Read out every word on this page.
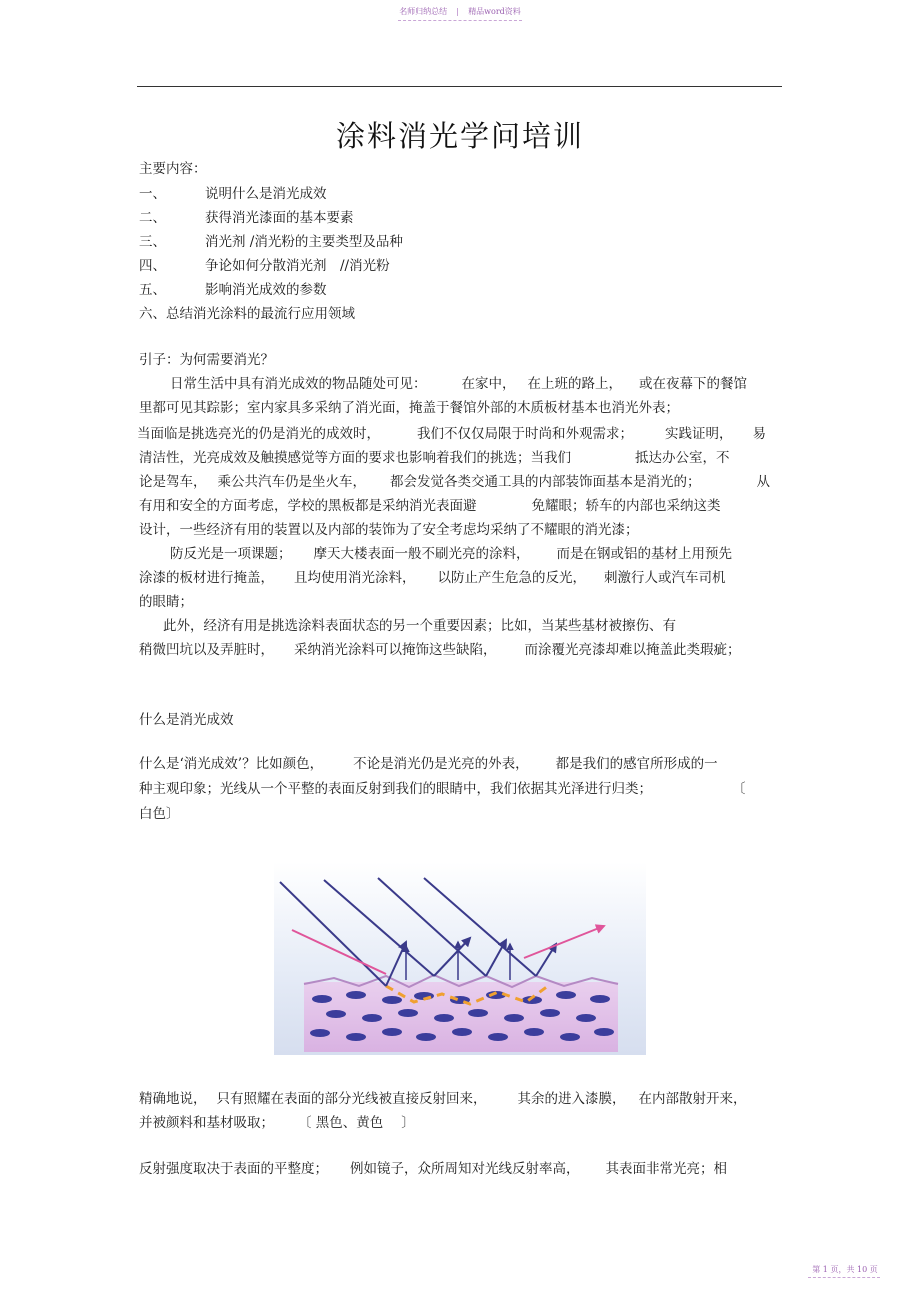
名师归纳总结	精品word资料
涂料消光学问培训
主要内容：
一、	说明什么是消光成效
二、	获得消光漆面的基本要素
三、	消光剂 /消光粉的主要类型及品种
四、	争论如何分散消光剂　//消光粉
五、	影响消光成效的参数
六、总结消光涂料的最流行应用领域
引子：为何需要消光？
日常生活中具有消光成效的物品随处可见：	在家中， 在上班的路上， 或在夜幕下的餐馆
里都可见其踪影；室内家具多采纳了消光面，掩盖于餐馆外部的木质板材基本也消光外表；
当面临是挑选亮光的仍是消光的成效时，	我们不仅仅局限于时尚和外观需求； 实践证明， 易
清洁性，光亮成效及触摸感觉等方面的要求也影响着我们的挑选；当我们	抵达办公室，不
论是驾车， 乘公共汽车仍是坐火车， 都会发觉各类交通工具的内部装饰面基本是消光的；	从
有用和安全的方面考虑，学校的黑板都是采纳消光表面避	免耀眼；轿车的内部也采纳这类
设计，一些经济有用的装置以及内部的装饰为了安全考虑均采纳了不耀眼的消光漆；
防反光是一项课题； 摩天大楼表面一般不刷光亮的涂料， 而是在钢或铝的基材上用预先
涂漆的板材进行掩盖， 且均使用消光涂料， 以防止产生危急的反光， 刺激行人或汽车司机
的眼睛；
此外，经济有用是挑选涂料表面状态的另一个重要因素；比如，当某些基材被擦伤、有
稍微凹坑以及弄脏时， 采纳消光涂料可以掩饰这些缺陷， 而涂覆光亮漆却难以掩盖此类瑕疵；
什么是消光成效
什么是‘消光成效’？比如颜色， 不论是消光仍是光亮的外表， 都是我们的感官所形成的一
种主观印象；光线从一个平整的表面反射到我们的眼睛中，我们依据其光泽进行归类；	〔
白色〕
精确地说， 只有照耀在表面的部分光线被直接反射回来， 其余的进入漆膜， 在内部散射开来，
并被颜料和基材吸取； 〔 黑色、黄色 〕
反射强度取决于表面的平整度； 例如镜子，众所周知对光线反射率高， 其表面非常光亮；相
第 1 页，共 10 页
